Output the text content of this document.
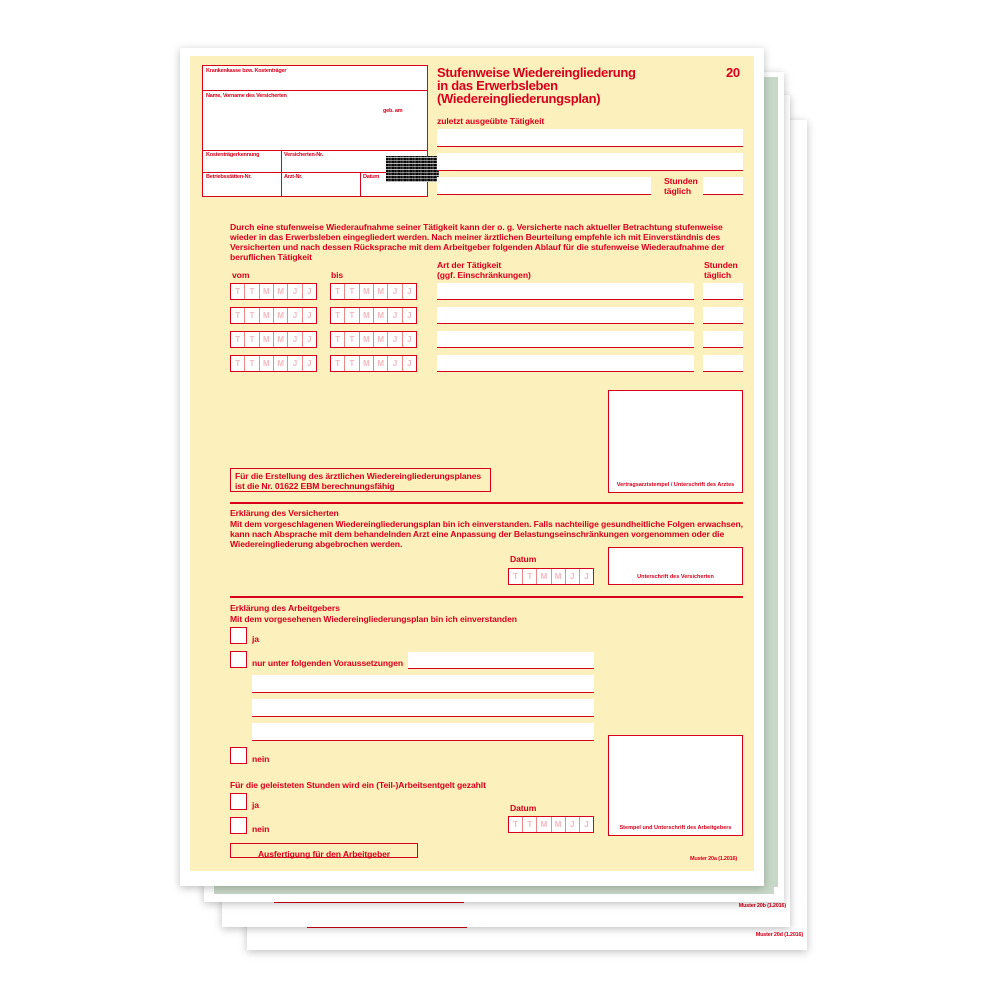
Muster 20d (1.2016)
Muster 20b (1.2016)
Krankenkasse bzw. Kostenträger
Name, Vorname des Versicherten
geb. am
Kostenträgerkennung	Versicherten-Nr.
Betriebsstätten-Nr.	Arzt-Nr.	Datum
Stufenweise Wiedereingliederung
in das Erwerbsleben
(Wiedereingliederungsplan)
20
zuletzt ausgeübte Tätigkeit
Stunden
täglich
Durch eine stufenweise Wiederaufnahme seiner Tätigkeit kann der o. g. Versicherte nach aktueller Betrachtung stufenweise wieder in das Erwerbsleben eingegliedert werden. Nach meiner ärztlichen Beurteilung empfehle ich mit Einverständnis des Versicherten und nach dessen Rücksprache mit dem Arbeitgeber folgenden Ablauf für die stufenweise Wiederaufnahme der beruflichen Tätigkeit
vom	bis
Art der Tätigkeit
(ggf. Einschränkungen)
Stunden
täglich
T	T	M M	J	J	T	T	M M	J	J
T	T	M M	J	J	T	T	M M	J	J
T	T	M M	J	J	T	T	M M	J	J
T	T	M M	J	J	T	T	M M	J	J
Vertragsarztstempel / Unterschrift des Arztes
Für die Erstellung des ärztlichen Wiedereingliederungsplanes
ist die Nr. 01622 EBM berechnungsfähig
Erklärung des Versicherten
Mit dem vorgeschlagenen Wiedereingliederungsplan bin ich einverstanden. Falls nachteilige gesundheitliche Folgen erwachsen, kann nach Absprache mit dem behandelnden Arzt eine Anpassung der Belastungseinschränkungen vorgenommen oder die Wiedereingliederung abgebrochen werden.
Datum
T	T	M M	J	J	Unterschrift des Versicherten
Erklärung des Arbeitgebers
Mit dem vorgesehenen Wiedereingliederungsplan bin ich einverstanden
ja
nur unter folgenden Voraussetzungen
nein
Für die geleisteten Stunden wird ein (Teil-)Arbeitsentgelt gezahlt
ja
nein
Datum
T	T	M M	J	J	Stempel und Unterschrift des Arbeitgebers
Ausfertigung für den Arbeitgeber	Muster 20a (1.2016)
